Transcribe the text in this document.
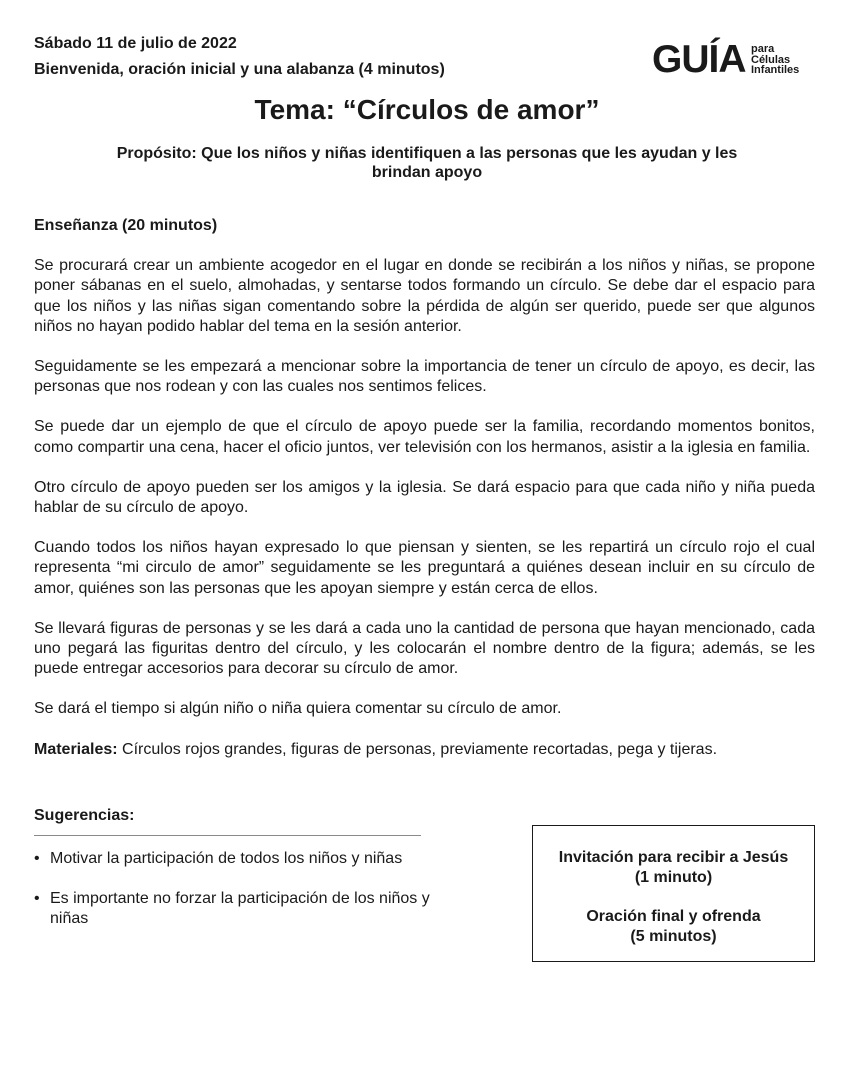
Sábado 11 de julio de 2022
Bienvenida, oración inicial y una alabanza (4 minutos)	GUÍA para
Células
Infantiles
Tema: “Círculos de amor”
Propósito: Que los niños y niñas identifiquen a las personas que les ayudan y les brindan apoyo
Enseñanza (20 minutos)

Se procurará crear un ambiente acogedor en el lugar en donde se recibirán a los niños y niñas, se propone poner sábanas en el suelo, almohadas, y sentarse todos formando un círculo. Se debe dar el espacio para que los niños y las niñas sigan comentando sobre la pérdida de algún ser querido, puede ser que algunos niños no hayan podido hablar del tema en la sesión anterior.

Seguidamente se les empezará a mencionar sobre la importancia de tener un círculo de apoyo, es decir, las personas que nos rodean y con las cuales nos sentimos felices.

Se puede dar un ejemplo de que el círculo de apoyo puede ser la familia, recordando momentos bonitos, como compartir una cena, hacer el oficio juntos, ver televisión con los hermanos, asistir a la iglesia en familia.

Otro círculo de apoyo pueden ser los amigos y la iglesia. Se dará espacio para que cada niño y niña pueda hablar de su círculo de apoyo.

Cuando todos los niños hayan expresado lo que piensan y sienten, se les repartirá un círculo rojo el cual representa “mi circulo de amor” seguidamente se les preguntará a quiénes desean incluir en su círculo de amor, quiénes son las personas que les apoyan siempre y están cerca de ellos.

Se llevará figuras de personas y se les dará a cada uno la cantidad de persona que hayan mencionado, cada uno pegará las figuritas dentro del círculo, y les colocarán el nombre dentro de la figura; además, se les puede entregar accesorios para decorar su círculo de amor.

Se dará el tiempo si algún niño o niña quiera comentar su círculo de amor.

Materiales: Círculos rojos grandes, figuras de personas, previamente recortadas, pega y tijeras.

Sugerencias:
• Motivar la participación de todos los niños y niñas
• Es importante no forzar la participación de los niños y niñas
Invitación para recibir a Jesús
(1 minuto)
Oración final y ofrenda
(5 minutos)
